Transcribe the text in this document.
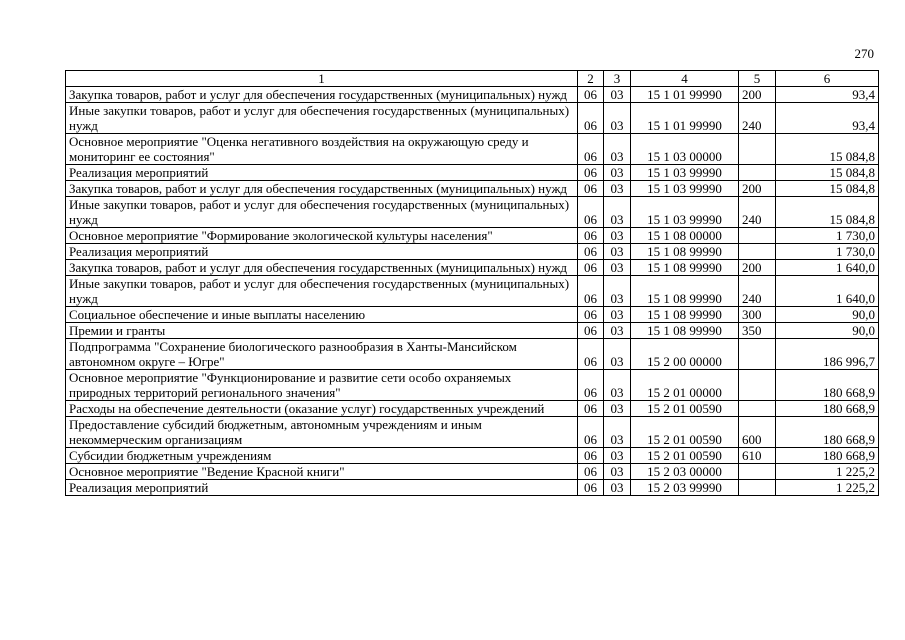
270
1	2	3	4	5	6
Закупка товаров, работ и услуг для обеспечения государственных (муниципальных) нужд	06	03	15 1 01 99990	200	93,4
Иные закупки товаров, работ и услуг для обеспечения государственных (муниципальных) нужд	06	03	15 1 01 99990	240	93,4
Основное мероприятие "Оценка негативного воздействия на окружающую среду и мониторинг ее состояния"	06	03	15 1 03 00000		15 084,8
Реализация мероприятий	06	03	15 1 03 99990		15 084,8
Закупка товаров, работ и услуг для обеспечения государственных (муниципальных) нужд	06	03	15 1 03 99990	200	15 084,8
Иные закупки товаров, работ и услуг для обеспечения государственных (муниципальных) нужд	06	03	15 1 03 99990	240	15 084,8
Основное мероприятие "Формирование экологической культуры населения"	06	03	15 1 08 00000		1 730,0
Реализация мероприятий	06	03	15 1 08 99990		1 730,0
Закупка товаров, работ и услуг для обеспечения государственных (муниципальных) нужд	06	03	15 1 08 99990	200	1 640,0
Иные закупки товаров, работ и услуг для обеспечения государственных (муниципальных) нужд	06	03	15 1 08 99990	240	1 640,0
Социальное обеспечение и иные выплаты населению	06	03	15 1 08 99990	300	90,0
Премии и гранты	06	03	15 1 08 99990	350	90,0
Подпрограмма "Сохранение биологического разнообразия в Ханты-Мансийском автономном округе – Югре"	06	03	15 2 00 00000		186 996,7
Основное мероприятие "Функционирование и развитие сети особо охраняемых природных территорий регионального значения"	06	03	15 2 01 00000		180 668,9
Расходы на обеспечение деятельности (оказание услуг) государственных учреждений	06	03	15 2 01 00590		180 668,9
Предоставление субсидий бюджетным, автономным учреждениям и иным некоммерческим организациям	06	03	15 2 01 00590	600	180 668,9
Субсидии бюджетным учреждениям	06	03	15 2 01 00590	610	180 668,9
Основное мероприятие "Ведение Красной книги"	06	03	15 2 03 00000		1 225,2
Реализация мероприятий	06	03	15 2 03 99990		1 225,2
